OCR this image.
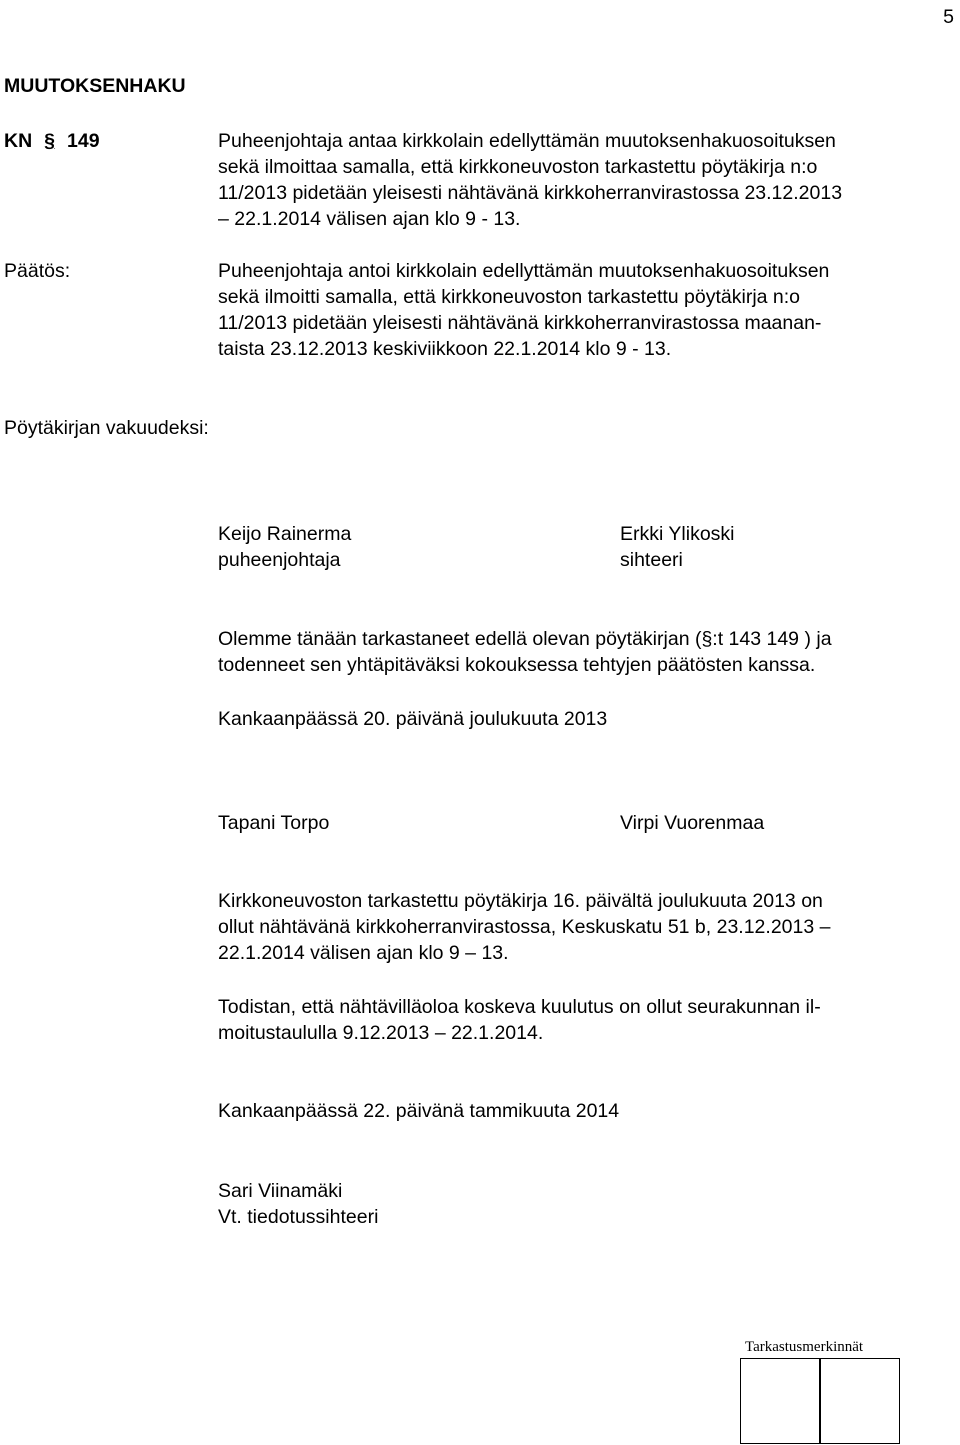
5
MUUTOKSENHAKU
KN § 149	Puheenjohtaja antaa kirkkolain edellyttämän muutoksenhakuosoituksen
sekä ilmoittaa samalla, että kirkkoneuvoston tarkastettu pöytäkirja n:o
11/2013 pidetään yleisesti nähtävänä kirkkoherranvirastossa 23.12.2013
– 22.1.2014 välisen ajan klo 9 - 13.
Päätös:	Puheenjohtaja antoi kirkkolain edellyttämän muutoksenhakuosoituksen
sekä ilmoitti samalla, että kirkkoneuvoston tarkastettu pöytäkirja n:o
11/2013 pidetään yleisesti nähtävänä kirkkoherranvirastossa maanan-
taista 23.12.2013 keskiviikkoon 22.1.2014 klo 9 - 13.
Pöytäkirjan vakuudeksi:
Keijo Rainerma
puheenjohtaja
Erkki Ylikoski
sihteeri
Olemme tänään tarkastaneet edellä olevan pöytäkirjan (§:t 143 149 ) ja
todenneet sen yhtäpitäväksi kokouksessa tehtyjen päätösten kanssa.
Kankaanpäässä 20. päivänä joulukuuta 2013
Tapani Torpo	Virpi Vuorenmaa
Kirkkoneuvoston tarkastettu pöytäkirja 16. päivältä joulukuuta 2013 on
ollut nähtävänä kirkkoherranvirastossa, Keskuskatu 51 b, 23.12.2013 –
22.1.2014 välisen ajan klo 9 – 13.
Todistan, että nähtävilläoloa koskeva kuulutus on ollut seurakunnan il-
moitustaululla 9.12.2013 – 22.1.2014.
Kankaanpäässä 22. päivänä tammikuuta 2014
Sari Viinamäki
Vt. tiedotussihteeri
Tarkastusmerkinnät
